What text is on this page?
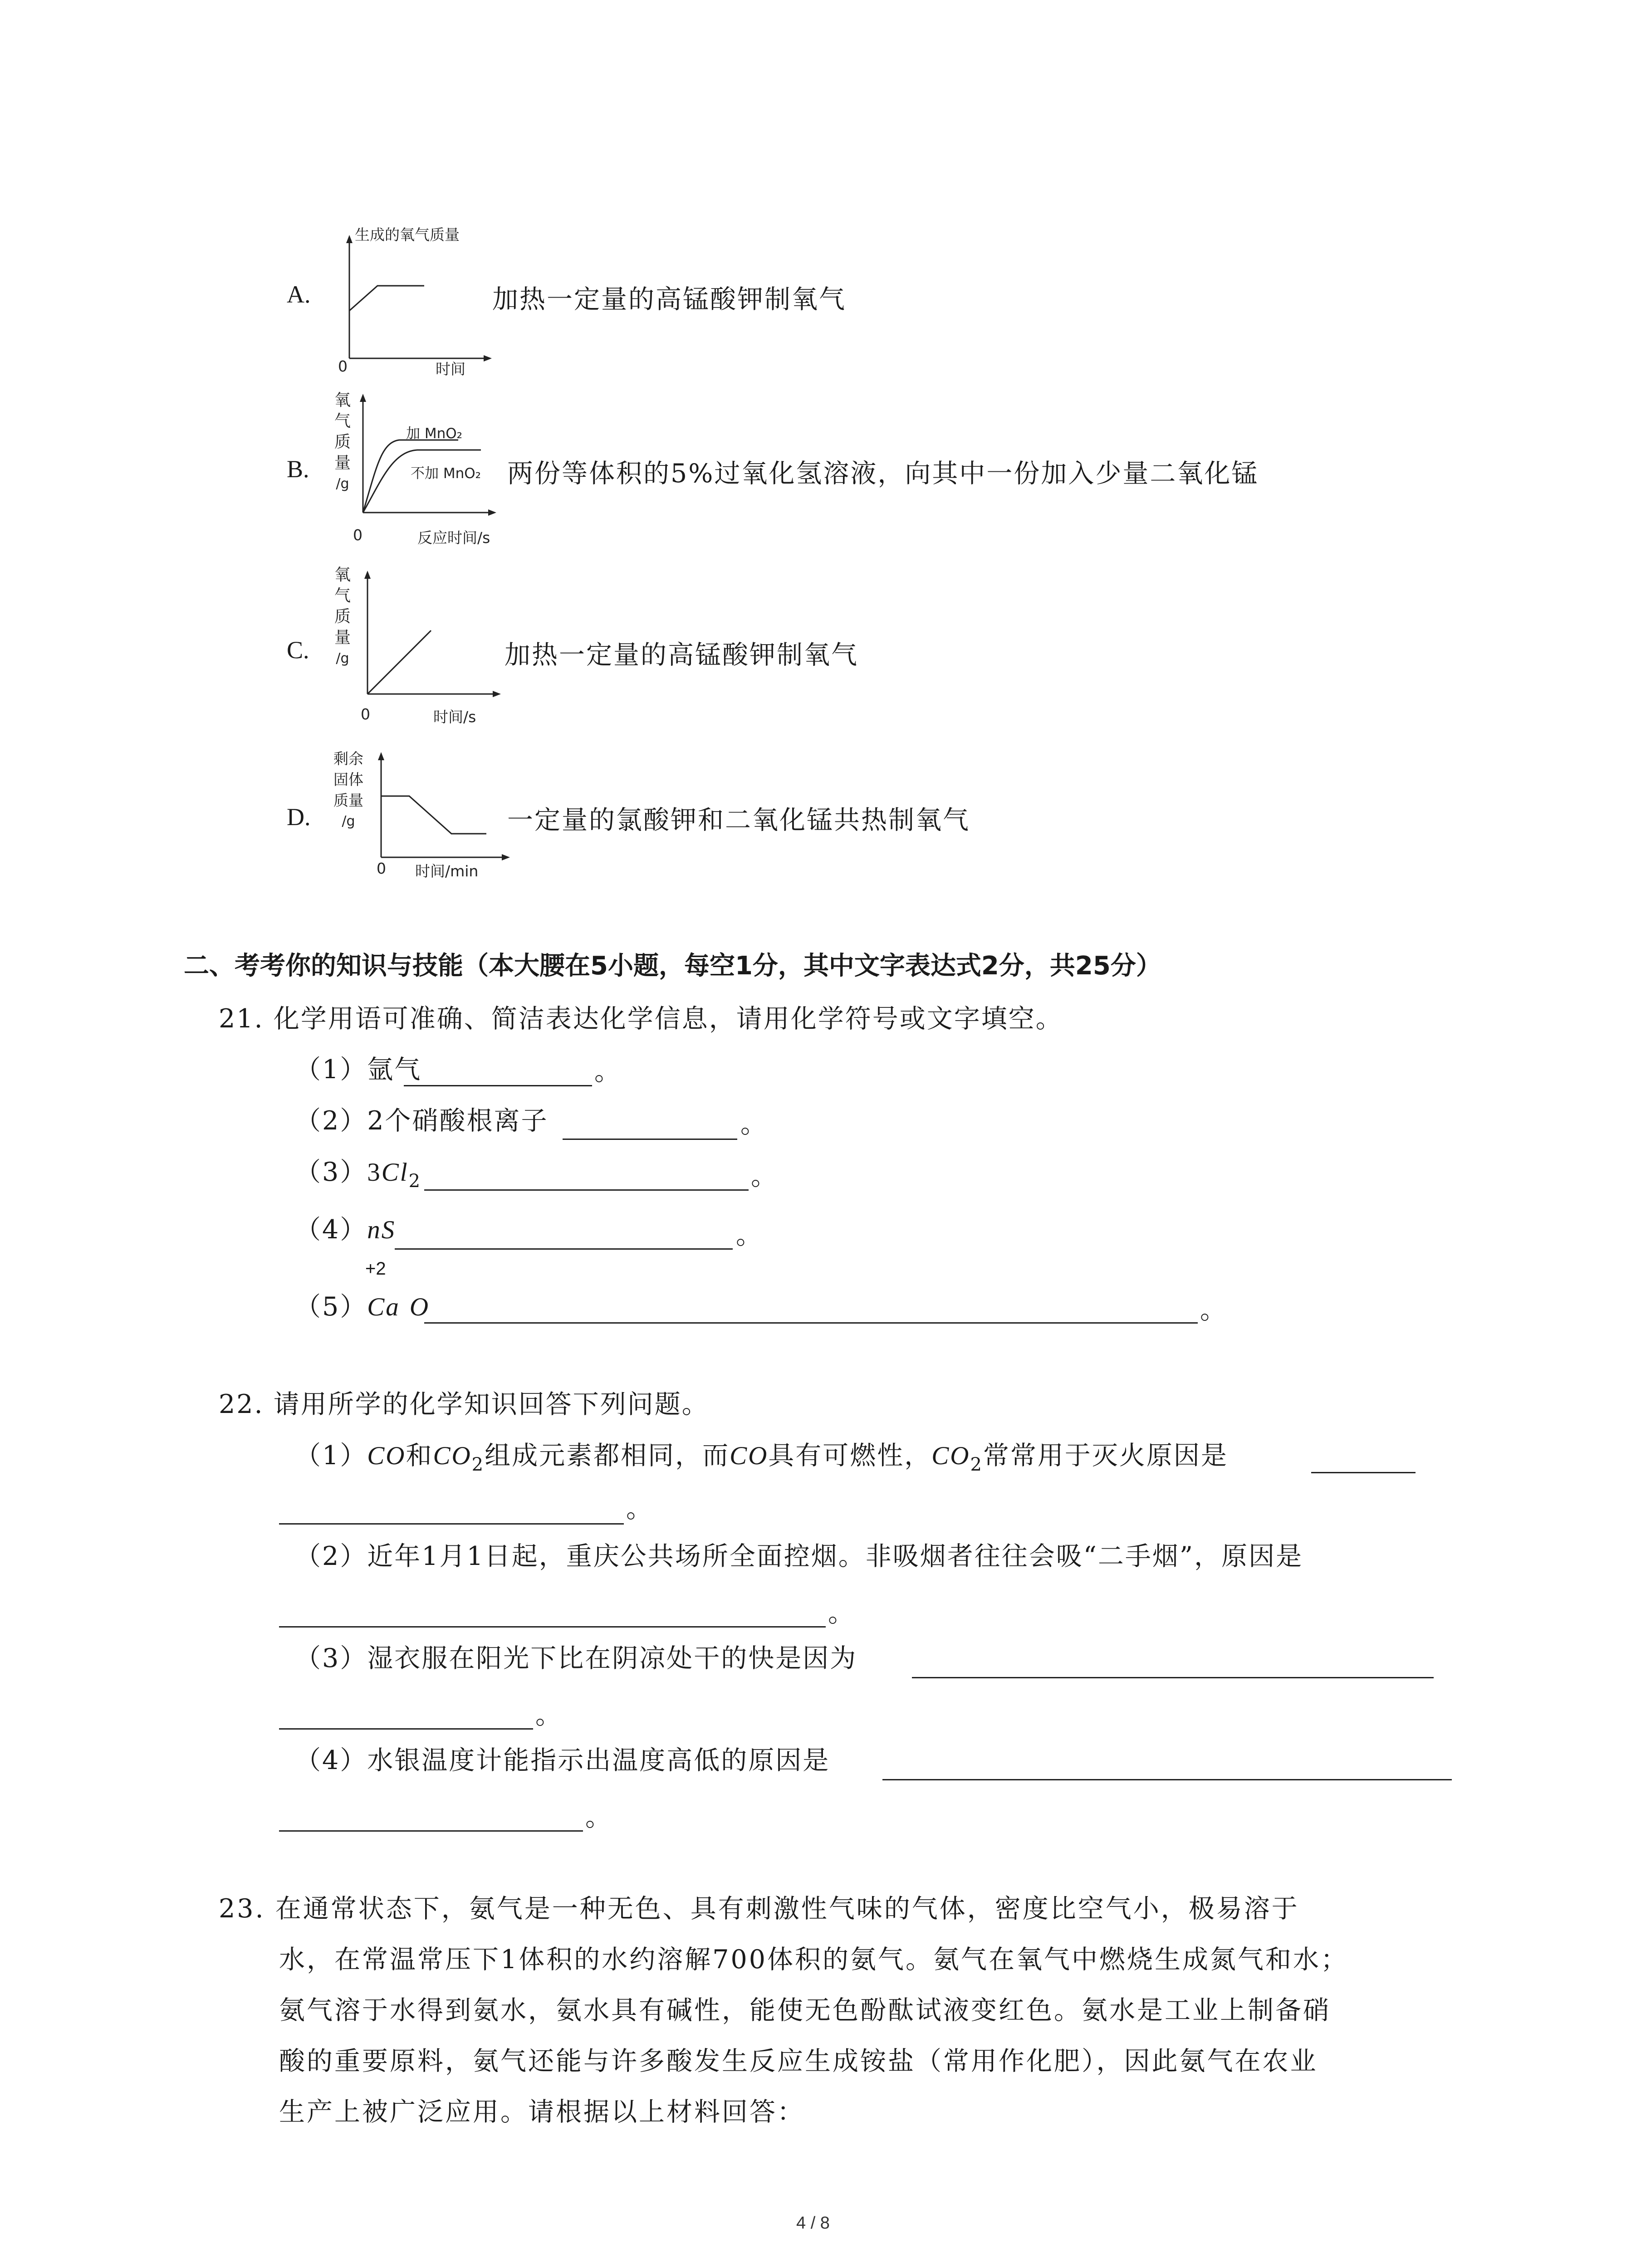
A.
生成的氧气质量
0	时间
加热一定量的高锰酸钾制氧气
B.
氧
气
质
量
/g
加 MnO₂
不加 MnO₂
0	反应时间/s
两份等体积的5%过氧化氢溶液，向其中一份加入少量二氧化锰
C.
氧
气
质
量
/g
0	时间/s
加热一定量的高锰酸钾制氧气
D.
剩余
固体
质量
/g
0 时间/min
一定量的氯酸钾和二氧化锰共热制氧气
二、考考你的知识与技能（本大腰在5小题，每空1分，其中文字表达式2分，共25分）
21. 化学用语可准确、简洁表达化学信息，请用化学符号或文字填空。
（1）氩气	。
（2）2个硝酸根离子	。
$(3)3Cl_2$	。
（4）nS	。
+2
（5）Ca O	。
22. 请用所学的化学知识回答下列问题。
（1）CO和$CO_2$组成元素都相同，而CO具有可燃性，$CO_2$常常用于灭火原因是
。
（2）近年1月1日起，重庆公共场所全面控烟。非吸烟者往往会吸“二手烟”，原因是
。
（3）湿衣服在阳光下比在阴凉处干的快是因为
。
（4）水银温度计能指示出温度高低的原因是
。
23. 在通常状态下，氨气是一种无色、具有刺激性气味的气体，密度比空气小，极易溶于
水，在常温常压下1体积的水约溶解700体积的氨气。氨气在氧气中燃烧生成氮气和水；
氨气溶于水得到氨水，氨水具有碱性，能使无色酚酞试液变红色。氨水是工业上制备硝
酸的重要原料，氨气还能与许多酸发生反应生成铵盐（常用作化肥），因此氨气在农业
生产上被广泛应用。请根据以上材料回答：
4 / 8
